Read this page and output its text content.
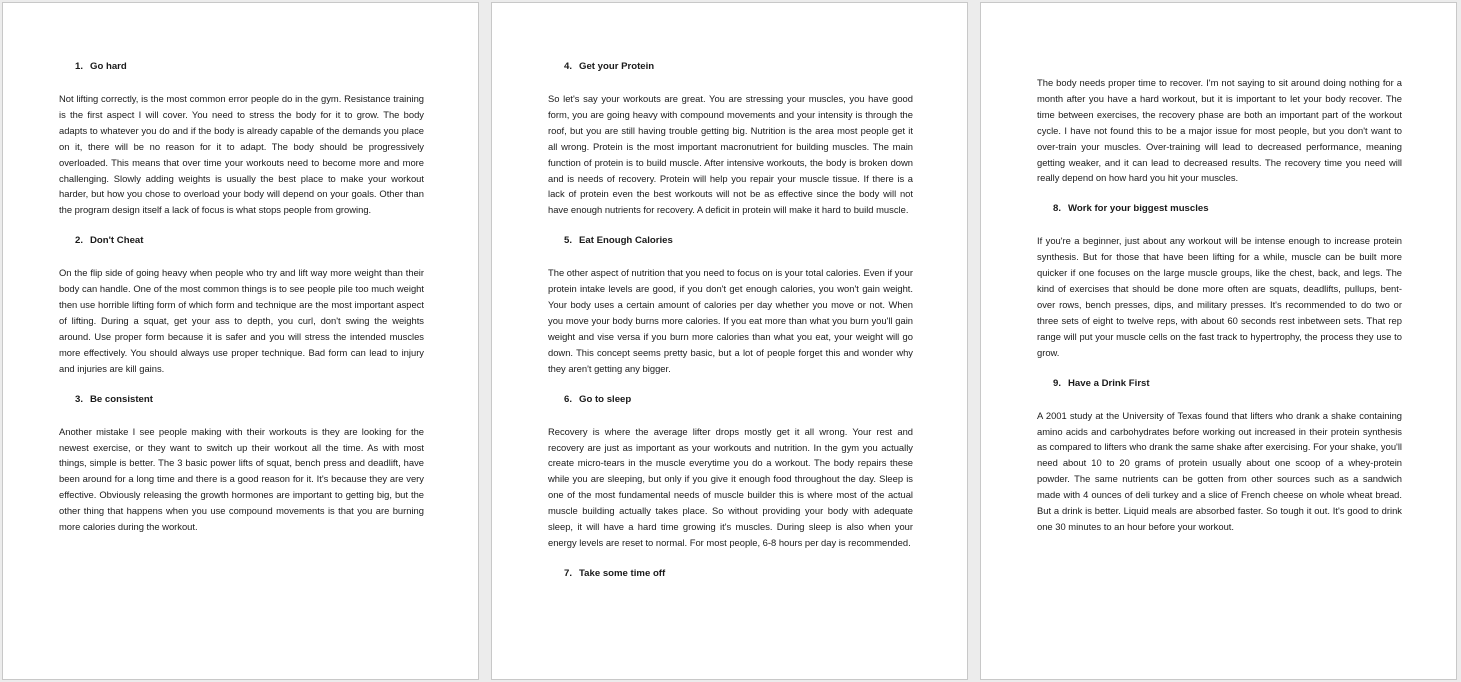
1. Go hard

Not lifting correctly, is the most common error people do in the gym. Resistance training is the first aspect I will cover. You need to stress the body for it to grow. The body adapts to whatever you do and if the body is already capable of the demands you place on it, there will be no reason for it to adapt. The body should be progressively overloaded. This means that over time your workouts need to become more and more challenging. Slowly adding weights is usually the best place to make your workout harder, but how you chose to overload your body will depend on your goals. Other than the program design itself a lack of focus is what stops people from growing.

2. Don't Cheat

On the flip side of going heavy when people who try and lift way more weight than their body can handle. One of the most common things is to see people pile too much weight then use horrible lifting form of which form and technique are the most important aspect of lifting. During a squat, get your ass to depth, you curl, don't swing the weights around. Use proper form because it is safer and you will stress the intended muscles more effectively. You should always use proper technique. Bad form can lead to injury and injuries are kill gains.

3. Be consistent

Another mistake I see people making with their workouts is they are looking for the newest exercise, or they want to switch up their workout all the time. As with most things, simple is better. The 3 basic power lifts of squat, bench press and deadlift, have been around for a long time and there is a good reason for it. It's because they are very effective. Obviously releasing the growth hormones are important to getting big, but the other thing that happens when you use compound movements is that you are burning more calories during the workout.

4. Get your Protein

So let's say your workouts are great. You are stressing your muscles, you have good form, you are going heavy with compound movements and your intensity is through the roof, but you are still having trouble getting big. Nutrition is the area most people get it all wrong. Protein is the most important macronutrient for building muscles. The main function of protein is to build muscle. After intensive workouts, the body is broken down and is needs of recovery. Protein will help you repair your muscle tissue. If there is a lack of protein even the best workouts will not be as effective since the body will not have enough nutrients for recovery. A deficit in protein will make it hard to build muscle.

5. Eat Enough Calories

The other aspect of nutrition that you need to focus on is your total calories. Even if your protein intake levels are good, if you don't get enough calories, you won't gain weight. Your body uses a certain amount of calories per day whether you move or not. When you move your body burns more calories. If you eat more than what you burn you'll gain weight and vise versa if you burn more calories than what you eat, your weight will go down. This concept seems pretty basic, but a lot of people forget this and wonder why they aren't getting any bigger.

6. Go to sleep

Recovery is where the average lifter drops mostly get it all wrong. Your rest and recovery are just as important as your workouts and nutrition. In the gym you actually create micro-tears in the muscle everytime you do a workout. The body repairs these while you are sleeping, but only if you give it enough food throughout the day. Sleep is one of the most fundamental needs of muscle builder this is where most of the actual muscle building actually takes place. So without providing your body with adequate sleep, it will have a hard time growing it's muscles. During sleep is also when your energy levels are reset to normal. For most people, 6-8 hours per day is recommended.

7. Take some time off

The body needs proper time to recover. I'm not saying to sit around doing nothing for a month after you have a hard workout, but it is important to let your body recover. The time between exercises, the recovery phase are both an important part of the workout cycle. I have not found this to be a major issue for most people, but you don't want to over-train your muscles. Over-training will lead to decreased performance, meaning getting weaker, and it can lead to decreased results. The recovery time you need will really depend on how hard you hit your muscles.

8. Work for your biggest muscles

If you're a beginner, just about any workout will be intense enough to increase protein synthesis. But for those that have been lifting for a while, muscle can be built more quicker if one focuses on the large muscle groups, like the chest, back, and legs. The kind of exercises that should be done more often are squats, deadlifts, pullups, bent-over rows, bench presses, dips, and military presses. It's recommended to do two or three sets of eight to twelve reps, with about 60 seconds rest inbetween sets. That rep range will put your muscle cells on the fast track to hypertrophy, the process they use to grow.

9. Have a Drink First

A 2001 study at the University of Texas found that lifters who drank a shake containing amino acids and carbohydrates before working out increased in their protein synthesis as compared to lifters who drank the same shake after exercising. For your shake, you'll need about 10 to 20 grams of protein usually about one scoop of a whey-protein powder. The same nutrients can be gotten from other sources such as a sandwich made with 4 ounces of deli turkey and a slice of French cheese on whole wheat bread. But a drink is better. Liquid meals are absorbed faster. So tough it out. It's good to drink one 30 minutes to an hour before your workout.
